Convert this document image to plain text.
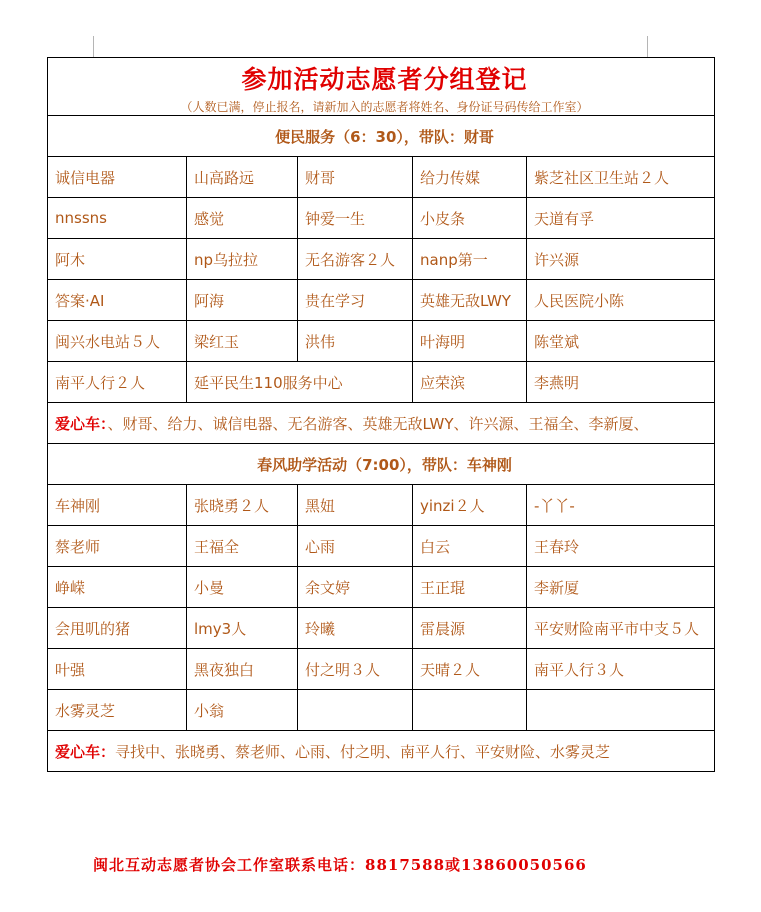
参加活动志愿者分组登记
（人数已满，停止报名，请新加入的志愿者将姓名、身份证号码传给工作室）				

便民服务（6：30），带队：财哥				
诚信电器	山高路远	财哥	给力传媒	紫芝社区卫生站２人
nnssns	感觉	钟爱一生	小皮条	天道有孚
阿木	np乌拉拉	无名游客２人	nanp第一	许兴源
答案·AI	阿海	贵在学习	英雄无敌LWY	人民医院小陈
闽兴水电站５人	梁红玉	洪伟	叶海明	陈堂斌
南平人行２人	延平民生110服务中心		应荣滨	李燕明
爱心车：、财哥、给力、诚信电器、无名游客、英雄无敌LWY、许兴源、王福全、李新厦、				
春风助学活动（7:00），带队：车神刚				
车神刚	张晓勇２人	黑妞	yinzi２人	-丫丫-
蔡老师	王福全	心雨	白云	王春玲
峥嵘	小曼	余文婷	王正琨	李新厦
会甩叽的猪	lmy3人	玲曦	雷晨源	平安财险南平市中支５人
叶强	黑夜独白	付之明３人	天晴２人	南平人行３人
水雾灵芝	小翁			
爱心车：寻找中、张晓勇、蔡老师、心雨、付之明、南平人行、平安财险、水雾灵芝				
闽北互动志愿者协会工作室联系电话：8817588或13860050566
